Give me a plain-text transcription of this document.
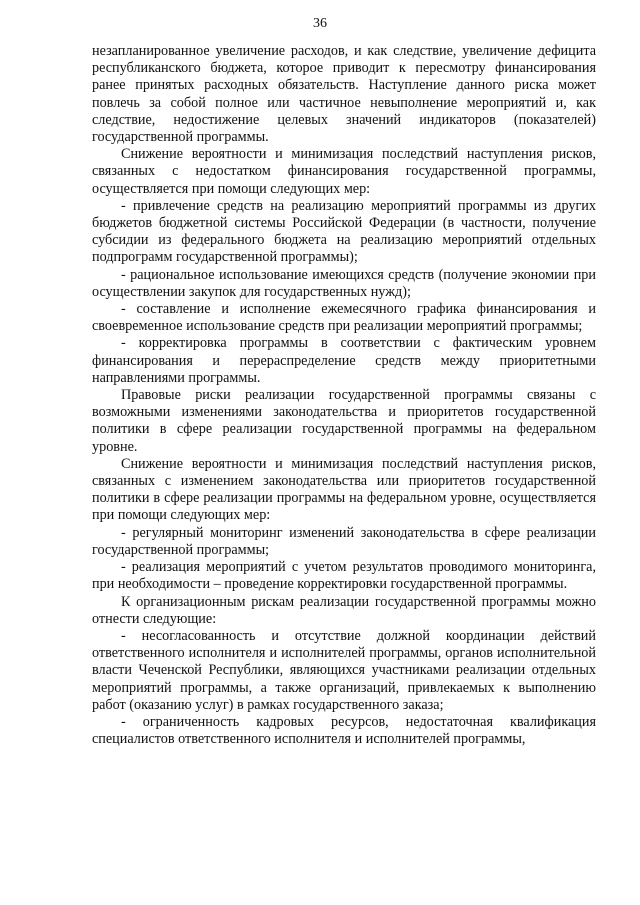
36

незапланированное увеличение расходов, и как следствие, увеличение дефицита республиканского бюджета, которое приводит к пересмотру финансирования ранее принятых расходных обязательств. Наступление данного риска может повлечь за собой полное или частичное невыполнение мероприятий и, как следствие, недостижение целевых значений индикаторов (показателей) государственной программы.

Снижение вероятности и минимизация последствий наступления рисков, связанных с недостатком финансирования государственной программы, осуществляется при помощи следующих мер:

- привлечение средств на реализацию мероприятий программы из других бюджетов бюджетной системы Российской Федерации (в частности, получение субсидии из федерального бюджета на реализацию мероприятий отдельных подпрограмм государственной программы);

- рациональное использование имеющихся средств (получение экономии при осуществлении закупок для государственных нужд);

- составление и исполнение ежемесячного графика финансирования и своевременное использование средств при реализации мероприятий программы;

- корректировка программы в соответствии с фактическим уровнем финансирования и перераспределение средств между приоритетными направлениями программы.

Правовые риски реализации государственной программы связаны с возможными изменениями законодательства и приоритетов государственной политики в сфере реализации государственной программы на федеральном уровне.

Снижение вероятности и минимизация последствий наступления рисков, связанных с изменением законодательства или приоритетов государственной политики в сфере реализации программы на федеральном уровне, осуществляется при помощи следующих мер:

- регулярный мониторинг изменений законодательства в сфере реализации государственной программы;

- реализация мероприятий с учетом результатов проводимого мониторинга, при необходимости – проведение корректировки государственной программы.

К организационным рискам реализации государственной программы можно отнести следующие:

- несогласованность и отсутствие должной координации действий ответственного исполнителя и исполнителей программы, органов исполнительной власти Чеченской Республики, являющихся участниками реализации отдельных мероприятий программы, а также организаций, привлекаемых к выполнению работ (оказанию услуг) в рамках государственного заказа;

- ограниченность кадровых ресурсов, недостаточная квалификация специалистов ответственного исполнителя и исполнителей программы,
